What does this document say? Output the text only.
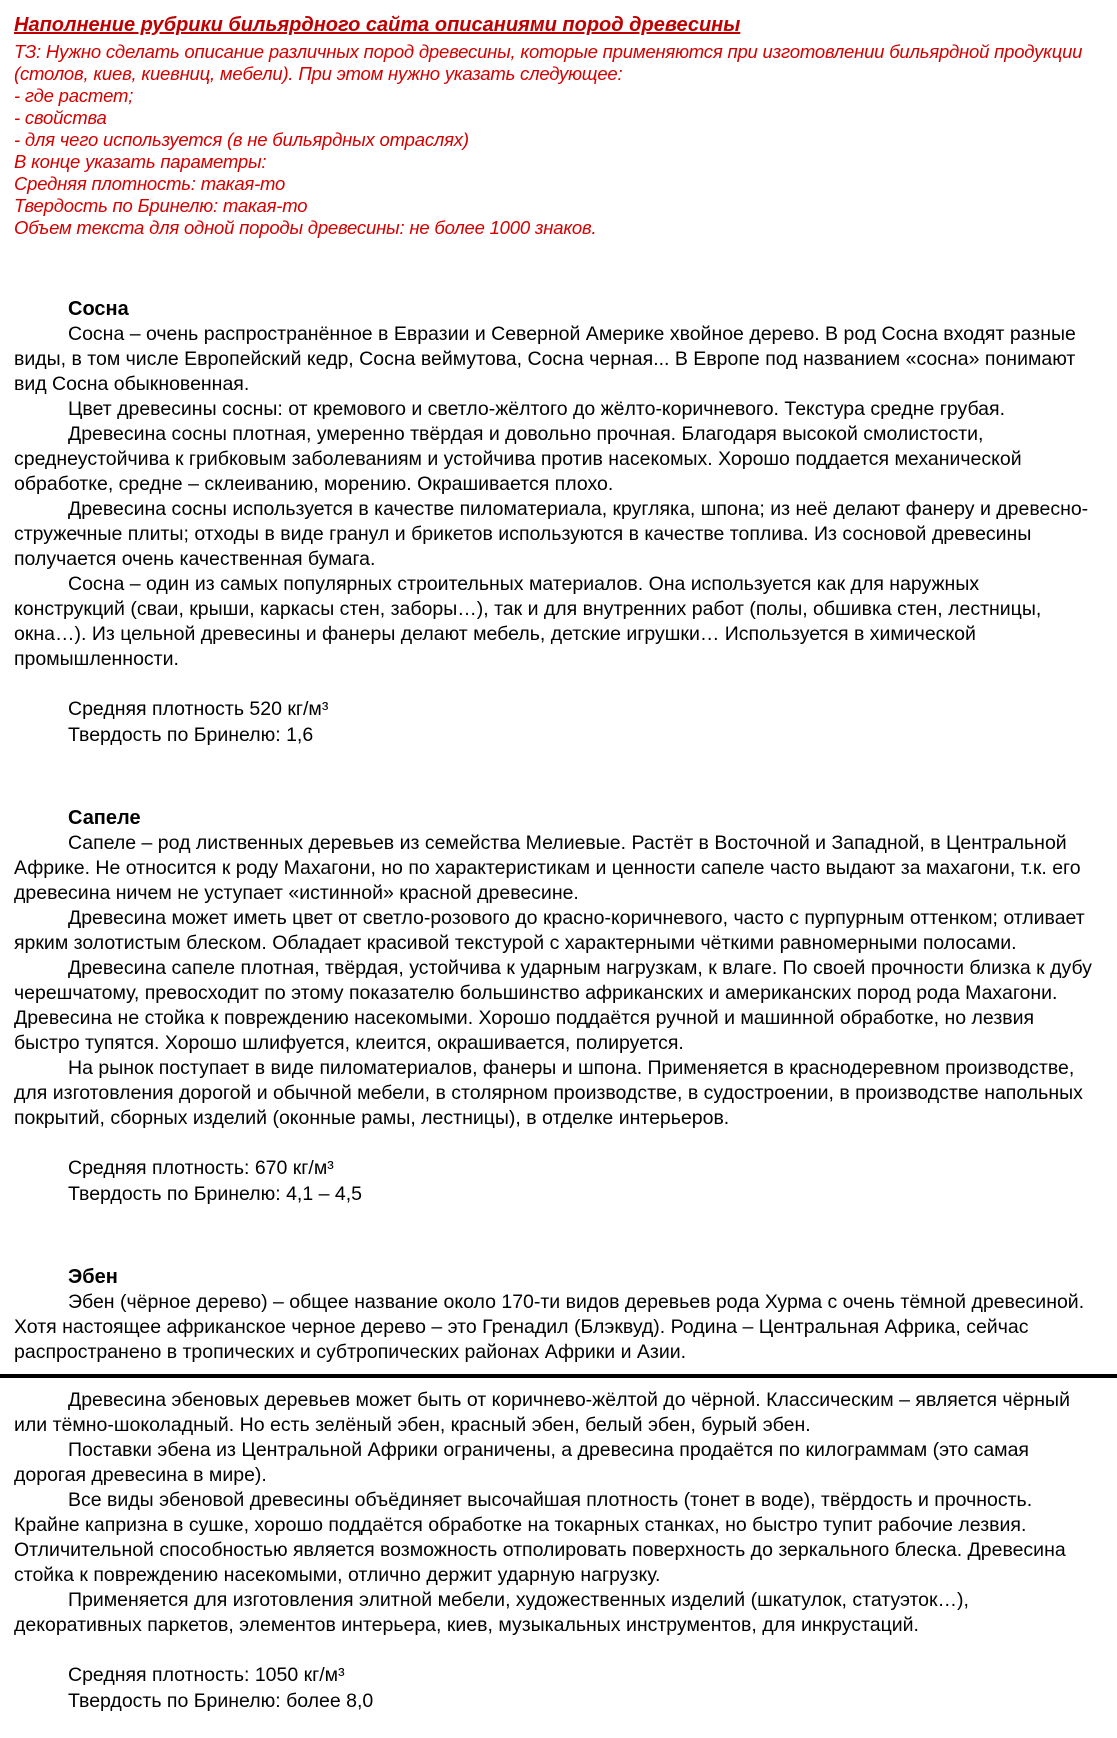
Наполнение рубрики бильярдного сайта описаниями пород древесины

ТЗ: Нужно сделать описание различных пород древесины, которые применяются при изготовлении бильярдной продукции (столов, киев, киевниц, мебели). При этом нужно указать следующее:

- где растет;

- свойства

- для чего используется (в не бильярдных отраслях)

В конце указать параметры:

Средняя плотность: такая-то

Твердость по Бринелю: такая-то

Объем текста для одной породы древесины: не более 1000 знаков.

Сосна

Сосна – очень распространённое в Евразии и Северной Америке хвойное дерево. В род Сосна входят разные виды, в том числе Европейский кедр, Сосна веймутова, Сосна черная... В Европе под названием «сосна» понимают вид Сосна обыкновенная.

Цвет древесины сосны: от кремового и светло-жёлтого до жёлто-коричневого. Текстура средне грубая.

Древесина сосны плотная, умеренно твёрдая и довольно прочная. Благодаря высокой смолистости, среднеустойчива к грибковым заболеваниям и устойчива против насекомых. Хорошо поддается механической обработке, средне – склеиванию, морению. Окрашивается плохо.

Древесина сосны используется в качестве пиломатериала, кругляка, шпона; из неё делают фанеру и древесно-стружечные плиты; отходы в виде гранул и брикетов используются в качестве топлива. Из сосновой древесины получается очень качественная бумага.

Сосна – один из самых популярных строительных материалов. Она используется как для наружных конструкций (сваи, крыши, каркасы стен, заборы…), так и для внутренних работ (полы, обшивка стен, лестницы, окна…). Из цельной древесины и фанеры делают мебель, детские игрушки… Используется в химической промышленности.

Средняя плотность 520 кг/м³

Твердость по Бринелю: 1,6

Сапеле

Сапеле – род лиственных деревьев из семейства Мелиевые. Растёт в Восточной и Западной, в Центральной Африке. Не относится к роду Махагони, но по характеристикам и ценности сапеле часто выдают за махагони, т.к. его древесина ничем не уступает «истинной» красной древесине.

Древесина может иметь цвет от светло-розового до красно-коричневого, часто с пурпурным оттенком; отливает ярким золотистым блеском. Обладает красивой текстурой с характерными чёткими равномерными полосами.

Древесина сапеле плотная, твёрдая, устойчива к ударным нагрузкам, к влаге. По своей прочности близка к дубу черешчатому, превосходит по этому показателю большинство африканских и американских пород рода Махагони. Древесина не стойка к повреждению насекомыми. Хорошо поддаётся ручной и машинной обработке, но лезвия быстро тупятся. Хорошо шлифуется, клеится, окрашивается, полируется.

На рынок поступает в виде пиломатериалов, фанеры и шпона. Применяется в краснодеревном производстве, для изготовления дорогой и обычной мебели, в столярном производстве, в судостроении, в производстве напольных покрытий, сборных изделий (оконные рамы, лестницы), в отделке интерьеров.

Средняя плотность: 670 кг/м³

Твердость по Бринелю: 4,1 – 4,5

Эбен

Эбен (чёрное дерево) – общее название около 170-ти видов деревьев рода Хурма с очень тёмной древесиной. Хотя настоящее африканское черное дерево – это Гренадил (Блэквуд). Родина – Центральная Африка, сейчас распространено в тропических и субтропических районах Африки и Азии.

Древесина эбеновых деревьев может быть от коричнево-жёлтой до чёрной. Классическим – является чёрный или тёмно-шоколадный. Но есть зелёный эбен, красный эбен, белый эбен, бурый эбен.

Поставки эбена из Центральной Африки ограничены, а древесина продаётся по килограммам (это самая дорогая древесина в мире).

Все виды эбеновой древесины объёдиняет высочайшая плотность (тонет в воде), твёрдость и прочность. Крайне капризна в сушке, хорошо поддаётся обработке на токарных станках, но быстро тупит рабочие лезвия. Отличительной способностью является возможность отполировать поверхность до зеркального блеска. Древесина стойка к повреждению насекомыми, отлично держит ударную нагрузку.

Применяется для изготовления элитной мебели, художественных изделий (шкатулок, статуэток…), декоративных паркетов, элементов интерьера, киев, музыкальных инструментов, для инкрустаций.

Средняя плотность: 1050 кг/м³

Твердость по Бринелю: более 8,0
